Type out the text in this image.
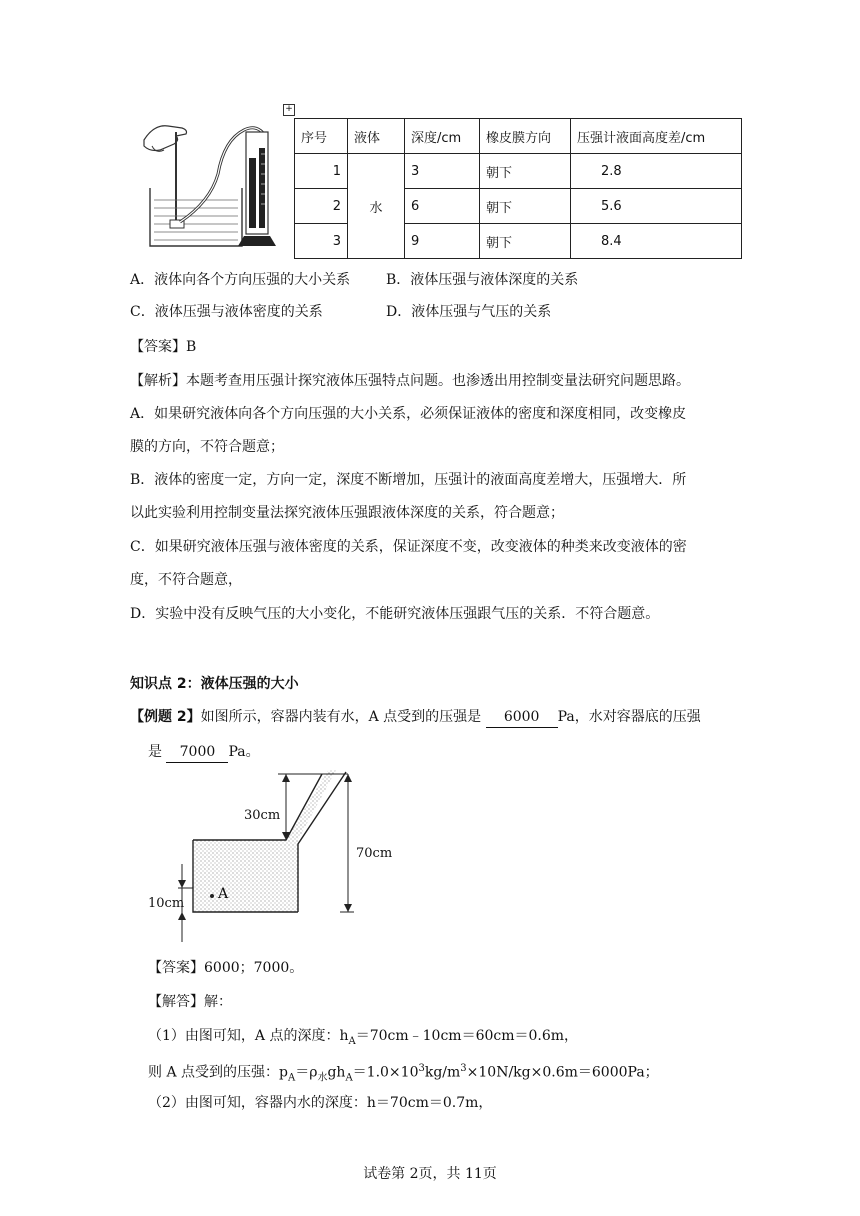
+
序号	液体	深度/cm	橡皮膜方向	压强计液面高度差/cm
1	水	3	朝下	2.8
2		6	朝下	5.6
3		9	朝下	8.4
A．液体向各个方向压强的大小关系	B．液体压强与液体深度的关系
C．液体压强与液体密度的关系	D．液体压强与气压的关系
【答案】B
【解析】本题考查用压强计探究液体压强特点问题。也渗透出用控制变量法研究问题思路。
A．如果研究液体向各个方向压强的大小关系，必须保证液体的密度和深度相同，改变橡皮
膜的方向，不符合题意；
B．液体的密度一定，方向一定，深度不断增加，压强计的液面高度差增大，压强增大．所
以此实验利用控制变量法探究液体压强跟液体深度的关系，符合题意；
C．如果研究液体压强与液体密度的关系，保证深度不变，改变液体的种类来改变液体的密
度，不符合题意，
D．实验中没有反映气压的大小变化，不能研究液体压强跟气压的关系．不符合题意。
知识点 2：液体压强的大小
【例题 2】如图所示，容器内装有水，A 点受到的压强是 6000 Pa，水对容器底的压强
是 7000 Pa。
30cm
70cm
10cm
A
【答案】6000；7000。
【解答】解：
（1）由图可知，A 点的深度：$h_A=70cm﹣10cm=60cm=0.6m$，
则 A 点受到的压强：$p_A=\rho_水gh_A=1.0\times 10^3kg/m^3\times 10N/kg\times 0.6m=6000Pa$；
（2）由图可知，容器内水的深度：h＝70cm＝0.7m，
试卷第 2页，共 11页
